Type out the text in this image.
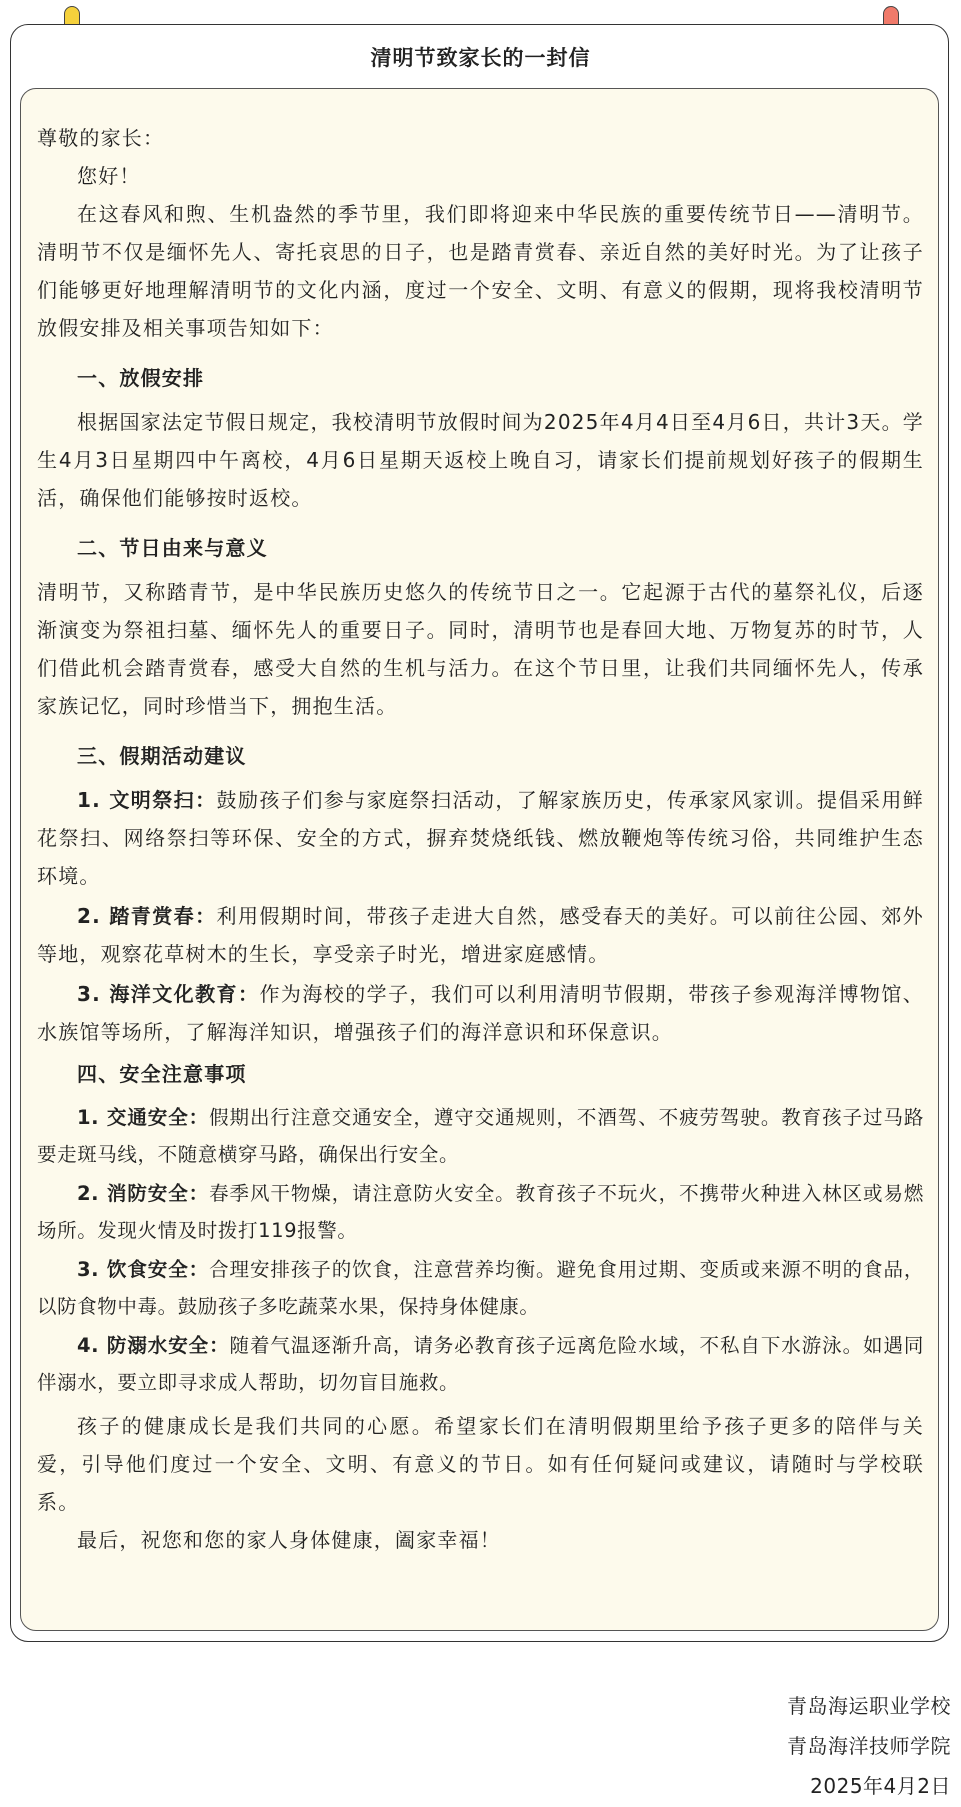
清明节致家长的一封信

尊敬的家长：

您好！

在这春风和煦、生机盎然的季节里，我们即将迎来中华民族的重要传统节日——清明节。清明节不仅是缅怀先人、寄托哀思的日子，也是踏青赏春、亲近自然的美好时光。为了让孩子们能够更好地理解清明节的文化内涵，度过一个安全、文明、有意义的假期，现将我校清明节放假安排及相关事项告知如下：

一、放假安排

根据国家法定节假日规定，我校清明节放假时间为2025年4月4日至4月6日，共计3天。学生4月3日星期四中午离校，4月6日星期天返校上晚自习，请家长们提前规划好孩子的假期生活，确保他们能够按时返校。

二、节日由来与意义

清明节，又称踏青节，是中华民族历史悠久的传统节日之一。它起源于古代的墓祭礼仪，后逐渐演变为祭祖扫墓、缅怀先人的重要日子。同时，清明节也是春回大地、万物复苏的时节，人们借此机会踏青赏春，感受大自然的生机与活力。在这个节日里，让我们共同缅怀先人，传承家族记忆，同时珍惜当下，拥抱生活。

三、假期活动建议

1. 文明祭扫：鼓励孩子们参与家庭祭扫活动，了解家族历史，传承家风家训。提倡采用鲜花祭扫、网络祭扫等环保、安全的方式，摒弃焚烧纸钱、燃放鞭炮等传统习俗，共同维护生态环境。

2. 踏青赏春：利用假期时间，带孩子走进大自然，感受春天的美好。可以前往公园、郊外等地，观察花草树木的生长，享受亲子时光，增进家庭感情。

3. 海洋文化教育：作为海校的学子，我们可以利用清明节假期，带孩子参观海洋博物馆、水族馆等场所，了解海洋知识，增强孩子们的海洋意识和环保意识。

四、安全注意事项

1. 交通安全：假期出行注意交通安全，遵守交通规则，不酒驾、不疲劳驾驶。教育孩子过马路要走斑马线，不随意横穿马路，确保出行安全。

2. 消防安全：春季风干物燥，请注意防火安全。教育孩子不玩火，不携带火种进入林区或易燃场所。发现火情及时拨打119报警。

3. 饮食安全：合理安排孩子的饮食，注意营养均衡。避免食用过期、变质或来源不明的食品，以防食物中毒。鼓励孩子多吃蔬菜水果，保持身体健康。

4. 防溺水安全：随着气温逐渐升高，请务必教育孩子远离危险水域，不私自下水游泳。如遇同伴溺水，要立即寻求成人帮助，切勿盲目施救。

孩子的健康成长是我们共同的心愿。希望家长们在清明假期里给予孩子更多的陪伴与关爱，引导他们度过一个安全、文明、有意义的节日。如有任何疑问或建议，请随时与学校联系。

最后，祝您和您的家人身体健康，阖家幸福！

青岛海运职业学校
青岛海洋技师学院
2025年4月2日
